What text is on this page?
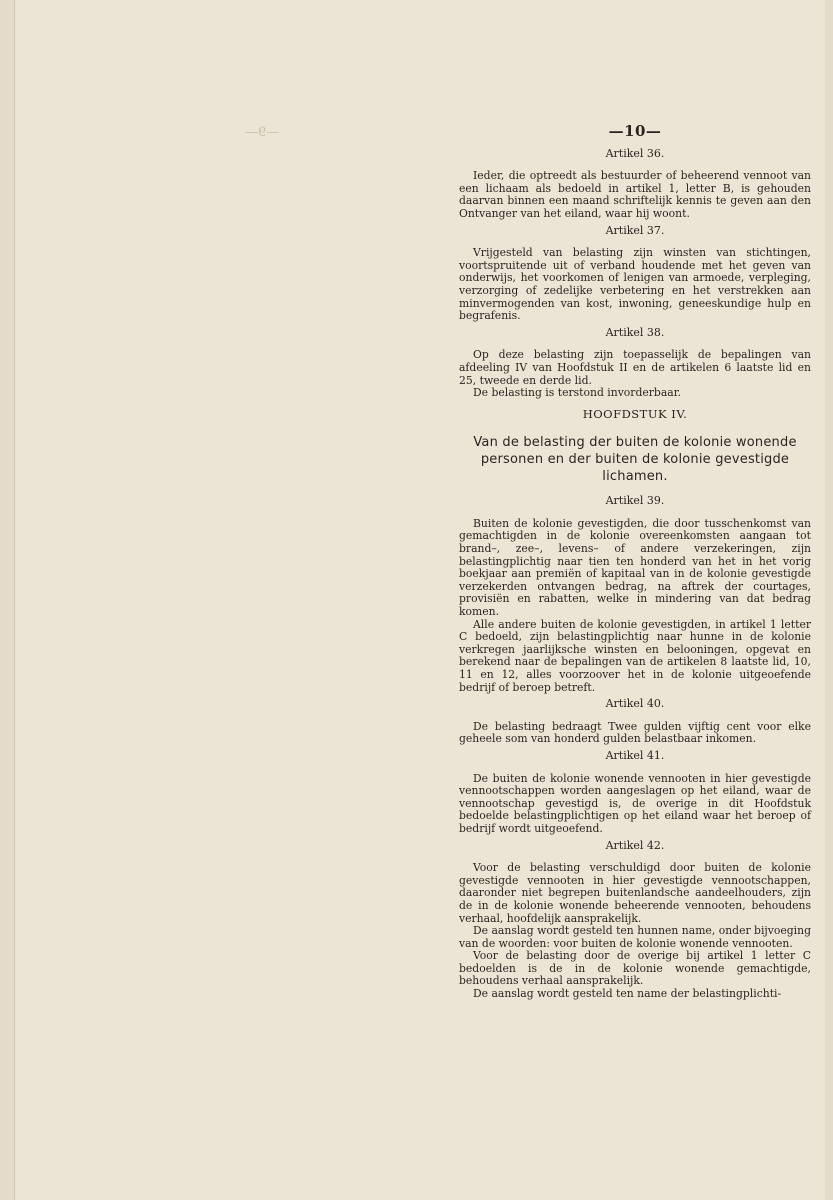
—9—	—10—
Artikel 36.

Ieder, die optreedt als bestuurder of beheerend vennoot van een lichaam als bedoeld in artikel 1, letter B, is gehouden daarvan binnen een maand schriftelijk kennis te geven aan den Ontvanger van het eiland, waar hij woont.

Artikel 37.

Vrijgesteld van belasting zijn winsten van stichtingen, voortspruitende uit of verband houdende met het geven van onderwijs, het voorkomen of lenigen van armoede, verpleging, verzorging of zedelijke verbetering en het verstrekken aan minvermogenden van kost, inwoning, geneeskundige hulp en begrafenis.

Artikel 38.

Op deze belasting zijn toepasselijk de bepalingen van afdeeling IV van Hoofdstuk II en de artikelen 6 laatste lid en 25, tweede en derde lid.

De belasting is terstond invorderbaar.

HOOFDSTUK IV.
Van de belasting der buiten de kolonie wonende personen en der buiten de kolonie gevestigde lichamen.
Artikel 39.

Buiten de kolonie gevestigden, die door tusschenkomst van gemachtigden in de kolonie overeenkomsten aangaan tot brand–, zee–, levens– of andere verzekeringen, zijn belastingplichtig naar tien ten honderd van het in het vorig boekjaar aan premiën of kapitaal van in de kolonie gevestigde verzekerden ontvangen bedrag, na aftrek der courtages, provisiën en rabatten, welke in mindering van dat bedrag komen.

Alle andere buiten de kolonie gevestigden, in artikel 1 letter C bedoeld, zijn belastingplichtig naar hunne in de kolonie verkregen jaarlijksche winsten en belooningen, opgevat en berekend naar de bepalingen van de artikelen 8 laatste lid, 10, 11 en 12, alles voorzoover het in de kolonie uitgeoefende bedrijf of beroep betreft.

Artikel 40.

De belasting bedraagt Twee gulden vijftig cent voor elke geheele som van honderd gulden belastbaar inkomen.

Artikel 41.

De buiten de kolonie wonende vennooten in hier gevestigde vennootschappen worden aangeslagen op het eiland, waar de vennootschap gevestigd is, de overige in dit Hoofdstuk bedoelde belastingplichtigen op het eiland waar het beroep of bedrijf wordt uitgeoefend.

Artikel 42.

Voor de belasting verschuldigd door buiten de kolonie gevestigde vennooten in hier gevestigde vennootschappen, daaronder niet begrepen buitenlandsche aandeelhouders, zijn de in de kolonie wonende beheerende vennooten, behoudens verhaal, hoofdelijk aansprakelijk.

De aanslag wordt gesteld ten hunnen name, onder bijvoeging van de woorden: voor buiten de kolonie wonende vennooten.

Voor de belasting door de overige bij artikel 1 letter C bedoelden is de in de kolonie wonende gemachtigde, behoudens verhaal aansprakelijk.

De aanslag wordt gesteld ten name der belastingplichti-
